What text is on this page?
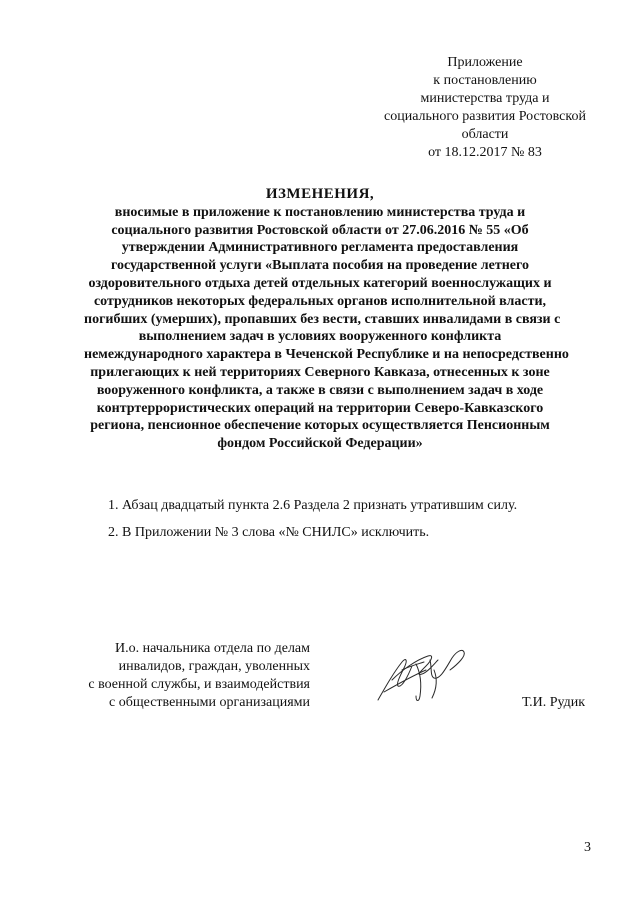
Приложение
к постановлению
министерства труда и
социального развития Ростовской
области
от 18.12.2017 № 83
ИЗМЕНЕНИЯ,
вносимые в приложение к постановлению министерства труда и
социального развития Ростовской области от 27.06.2016 № 55 «Об
утверждении Административного регламента предоставления
государственной услуги «Выплата пособия на проведение летнего
оздоровительного отдыха детей отдельных категорий военнослужащих и
сотрудников некоторых федеральных органов исполнительной власти,
погибших (умерших), пропавших без вести, ставших инвалидами в связи с
выполнением задач в условиях вооруженного конфликта
немеждународного характера в Чеченской Республике и на непосредственно
прилегающих к ней территориях Северного Кавказа, отнесенных к зоне
вооруженного конфликта, а также в связи с выполнением задач в ходе
контртеррористических операций на территории Северо-Кавказского
региона, пенсионное обеспечение которых осуществляется Пенсионным
фондом Российской Федерации»
1. Абзац двадцатый пункта 2.6 Раздела 2 признать утратившим силу.
2. В Приложении № 3 слова «№ СНИЛС» исключить.
И.о. начальника отдела по делам
инвалидов, граждан, уволенных
с военной службы, и взаимодействия
с общественными организациями	Т.И. Рудик
3
